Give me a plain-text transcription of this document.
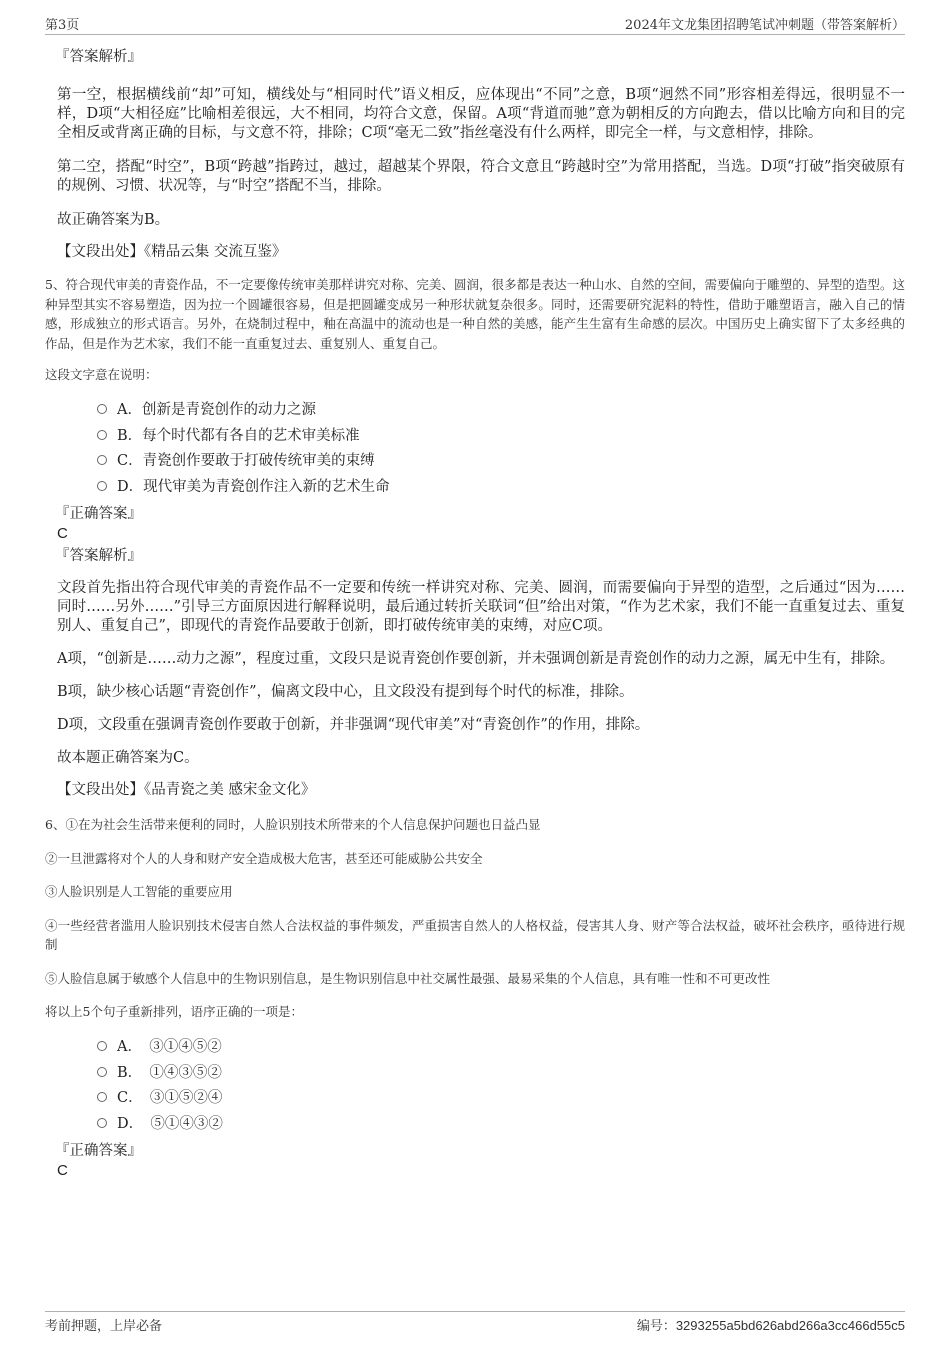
第3页	2024年文龙集团招聘笔试冲刺题（带答案解析）
『答案解析』
第一空，根据横线前“却”可知，横线处与“相同时代”语义相反，应体现出“不同”之意，B项“迥然不同”形容相差得远，很明显不一样，D项“大相径庭”比喻相差很远，大不相同，均符合文意，保留。A项“背道而驰”意为朝相反的方向跑去，借以比喻方向和目的完全相反或背离正确的目标，与文意不符，排除；C项“毫无二致”指丝毫没有什么两样，即完全一样，与文意相悖，排除。
第二空，搭配“时空”，B项“跨越”指跨过，越过，超越某个界限，符合文意且“跨越时空”为常用搭配，当选。D项“打破”指突破原有的规例、习惯、状况等，与“时空”搭配不当，排除。
故正确答案为B。
【文段出处】《精品云集 交流互鉴》
5、符合现代审美的青瓷作品，不一定要像传统审美那样讲究对称、完美、圆润，很多都是表达一种山水、自然的空间，需要偏向于雕塑的、异型的造型。这种异型其实不容易塑造，因为拉一个圆罐很容易，但是把圆罐变成另一种形状就复杂很多。同时，还需要研究泥料的特性，借助于雕塑语言，融入自己的情感，形成独立的形式语言。另外，在烧制过程中，釉在高温中的流动也是一种自然的美感，能产生生富有生命感的层次。中国历史上确实留下了太多经典的作品，但是作为艺术家，我们不能一直重复过去、重复别人、重复自己。
这段文字意在说明：
A．创新是青瓷创作的动力之源
B．每个时代都有各自的艺术审美标准
C．青瓷创作要敢于打破传统审美的束缚
D．现代审美为青瓷创作注入新的艺术生命
『正确答案』
C
『答案解析』
文段首先指出符合现代审美的青瓷作品不一定要和传统一样讲究对称、完美、圆润，而需要偏向于异型的造型，之后通过“因为……同时……另外……”引导三方面原因进行解释说明，最后通过转折关联词“但”给出对策，“作为艺术家，我们不能一直重复过去、重复别人、重复自己”，即现代的青瓷作品要敢于创新，即打破传统审美的束缚，对应C项。
A项，“创新是……动力之源”，程度过重，文段只是说青瓷创作要创新，并未强调创新是青瓷创作的动力之源，属无中生有，排除。
B项，缺少核心话题“青瓷创作”，偏离文段中心，且文段没有提到每个时代的标准，排除。
D项，文段重在强调青瓷创作要敢于创新，并非强调“现代审美”对“青瓷创作”的作用，排除。
故本题正确答案为C。
【文段出处】《品青瓷之美 感宋金文化》
6、①在为社会生活带来便利的同时，人脸识别技术所带来的个人信息保护问题也日益凸显
②一旦泄露将对个人的人身和财产安全造成极大危害，甚至还可能威胁公共安全
③人脸识别是人工智能的重要应用
④一些经营者滥用人脸识别技术侵害自然人合法权益的事件频发，严重损害自然人的人格权益，侵害其人身、财产等合法权益，破坏社会秩序，亟待进行规制
⑤人脸信息属于敏感个人信息中的生物识别信息，是生物识别信息中社交属性最强、最易采集的个人信息，具有唯一性和不可更改性
将以上5个句子重新排列，语序正确的一项是：
A．　③①④⑤②
B．　①④③⑤②
C．　③①⑤②④
D．　⑤①④③②
『正确答案』
C
考前押题，上岸必备	编号：3293255a5bd626abd266a3cc466d55c5
